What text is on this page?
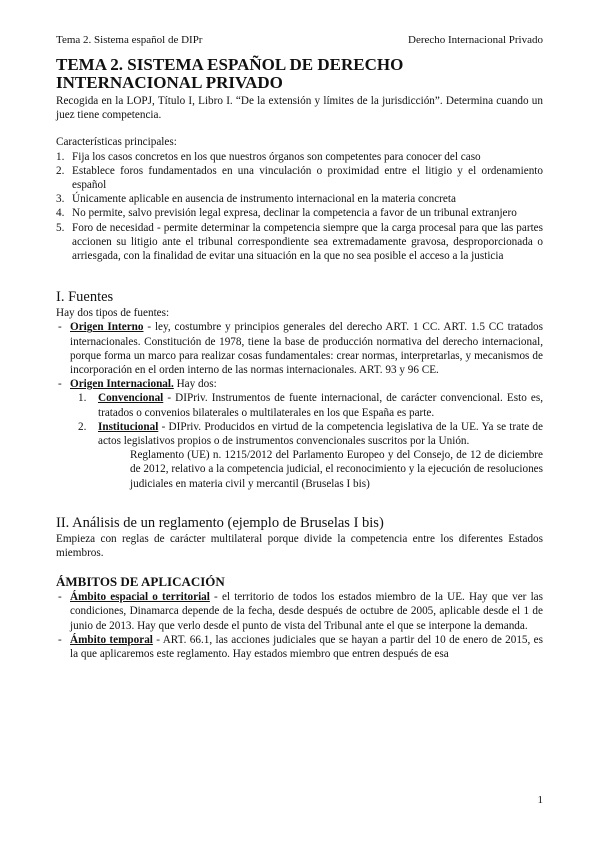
Tema 2. Sistema español de DIPr	Derecho Internacional Privado
TEMA 2. SISTEMA ESPAÑOL DE DERECHO
INTERNACIONAL PRIVADO

Recogida en la LOPJ, Título I, Libro I. “De la extensión y límites de la jurisdicción”. Determina cuando un juez tiene competencia.

Características principales:

1. Fija los casos concretos en los que nuestros órganos son competentes para conocer del caso
2. Establece foros fundamentados en una vinculación o proximidad entre el litigio y el ordenamiento español
3. Únicamente aplicable en ausencia de instrumento internacional en la materia concreta
4. No permite, salvo previsión legal expresa, declinar la competencia a favor de un tribunal extranjero
5. Foro de necesidad - permite determinar la competencia siempre que la carga procesal para que las partes accionen su litigio ante el tribunal correspondiente sea extremadamente gravosa, desproporcionada o arriesgada, con la finalidad de evitar una situación en la que no sea posible el acceso a la justicia
I. Fuentes

Hay dos tipos de fuentes:

- Origen Interno - ley, costumbre y principios generales del derecho ART. 1 CC. ART. 1.5 CC tratados internacionales. Constitución de 1978, tiene la base de producción normativa del derecho internacional, porque forma un marco para realizar cosas fundamentales: crear normas, interpretarlas, y mecanismos de incorporación en el orden interno de las normas internacionales. ART. 93 y 96 CE.
- Origen Internacional. Hay dos:
1.	Convencional - DIPriv. Instrumentos de fuente internacional, de carácter convencional. Esto es, tratados o convenios bilaterales o multilaterales en los que España es parte.
2.	Institucional - DIPriv. Producidos en virtud de la competencia legislativa de la UE. Ya se trate de actos legislativos propios o de instrumentos convencionales suscritos por la Unión.
Reglamento (UE) n. 1215/2012 del Parlamento Europeo y del Consejo, de 12 de diciembre de 2012, relativo a la competencia judicial, el reconocimiento y la ejecución de resoluciones judiciales en materia civil y mercantil (Bruselas I bis)
II. Análisis de un reglamento (ejemplo de Bruselas I bis)

Empieza con reglas de carácter multilateral porque divide la competencia entre los diferentes Estados miembros.

ÁMBITOS DE APLICACIÓN
- Ámbito espacial o territorial - el territorio de todos los estados miembro de la UE. Hay que ver las condiciones, Dinamarca depende de la fecha, desde después de octubre de 2005, aplicable desde el 1 de junio de 2013. Hay que verlo desde el punto de vista del Tribunal ante el que se interpone la demanda.
- Ámbito temporal - ART. 66.1, las acciones judiciales que se hayan a partir del 10 de enero de 2015, es la que aplicaremos este reglamento. Hay estados miembro que entren después de esa
1
